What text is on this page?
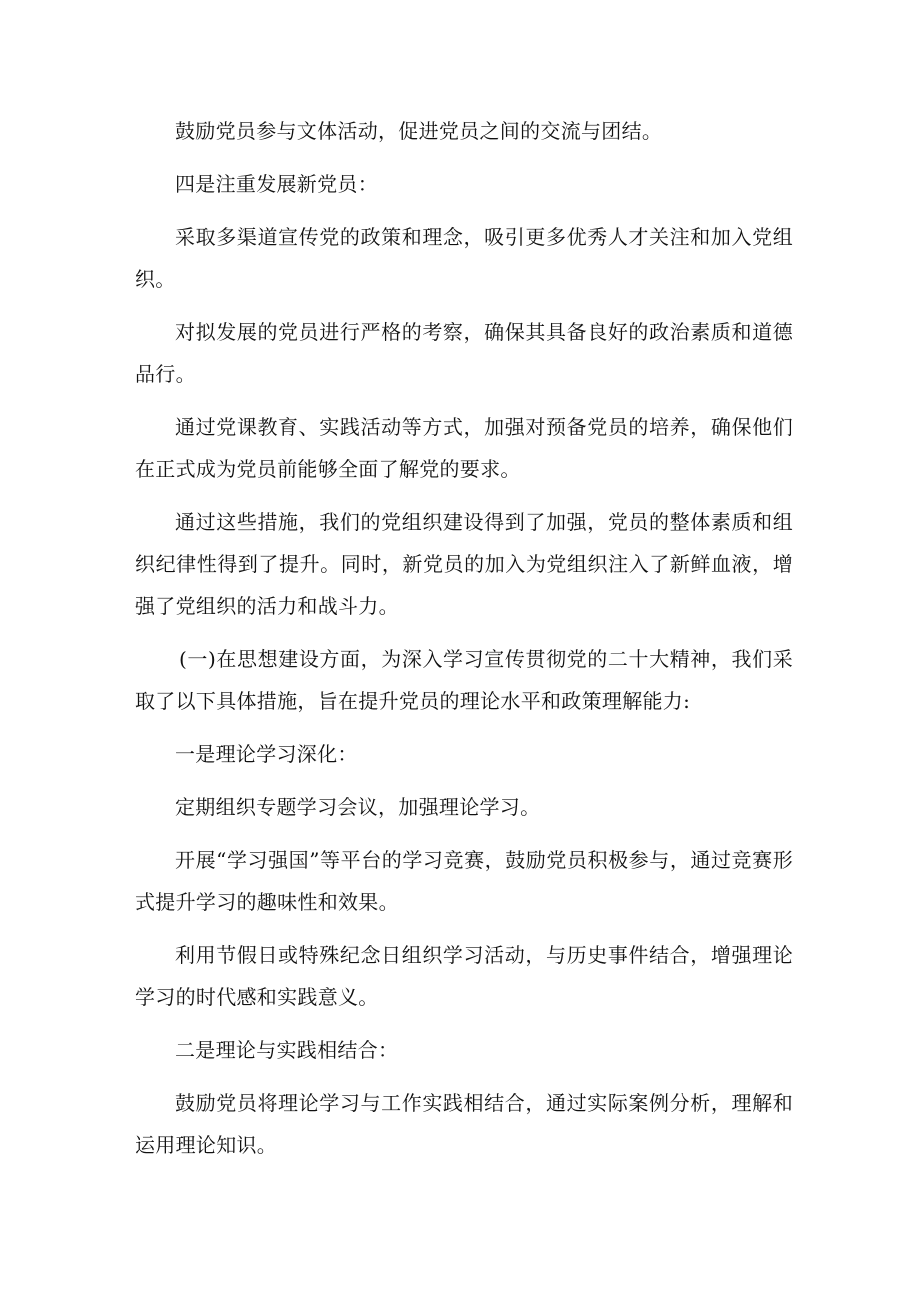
鼓励党员参与文体活动，促进党员之间的交流与团结。

四是注重发展新党员：

采取多渠道宣传党的政策和理念，吸引更多优秀人才关注和加入党组织。

对拟发展的党员进行严格的考察，确保其具备良好的政治素质和道德品行。

通过党课教育、实践活动等方式，加强对预备党员的培养，确保他们在正式成为党员前能够全面了解党的要求。

通过这些措施，我们的党组织建设得到了加强，党员的整体素质和组织纪律性得到了提升。同时，新党员的加入为党组织注入了新鲜血液，增强了党组织的活力和战斗力。

(一)在思想建设方面，为深入学习宣传贯彻党的二十大精神，我们采取了以下具体措施，旨在提升党员的理论水平和政策理解能力:

一是理论学习深化：

定期组织专题学习会议，加强理论学习。

开展“学习强国”等平台的学习竞赛，鼓励党员积极参与，通过竞赛形式提升学习的趣味性和效果。

利用节假日或特殊纪念日组织学习活动，与历史事件结合，增强理论学习的时代感和实践意义。

二是理论与实践相结合：

鼓励党员将理论学习与工作实践相结合，通过实际案例分析，理解和运用理论知识。
